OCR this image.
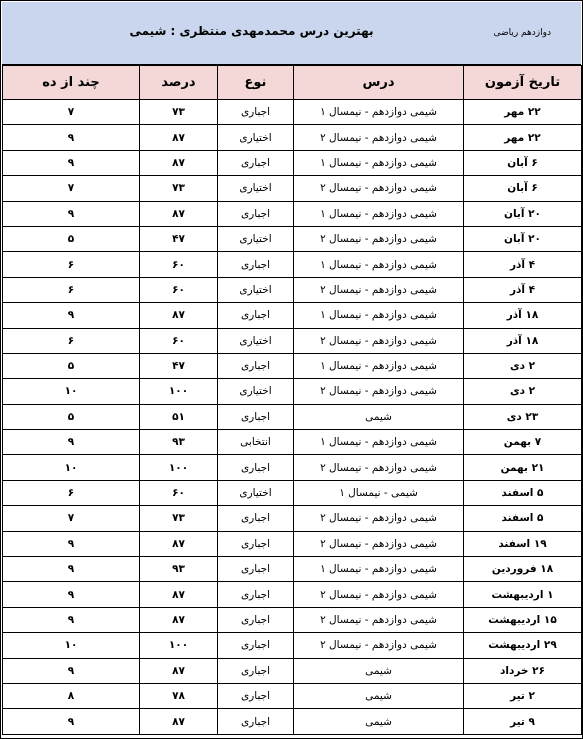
بهترین درس محمدمهدی منتظری : شیمی	دوازدهم ریاضی
تاریخ آزمون	درس	نوع	درصد	چند از ده
۲۲ مهر	شیمی دوازدهم - نیمسال ۱	اجباری	۷۳	۷
۲۲ مهر	شیمی دوازدهم - نیمسال ۲	اختیاری	۸۷	۹
۶ آبان	شیمی دوازدهم - نیمسال ۱	اجباری	۸۷	۹
۶ آبان	شیمی دوازدهم - نیمسال ۲	اختیاری	۷۳	۷
۲۰ آبان	شیمی دوازدهم - نیمسال ۱	اجباری	۸۷	۹
۲۰ آبان	شیمی دوازدهم - نیمسال ۲	اختیاری	۴۷	۵
۴ آذر	شیمی دوازدهم - نیمسال ۱	اجباری	۶۰	۶
۴ آذر	شیمی دوازدهم - نیمسال ۲	اختیاری	۶۰	۶
۱۸ آذر	شیمی دوازدهم - نیمسال ۱	اجباری	۸۷	۹
۱۸ آذر	شیمی دوازدهم - نیمسال ۲	اختیاری	۶۰	۶
۲ دی	شیمی دوازدهم - نیمسال ۱	اجباری	۴۷	۵
۲ دی	شیمی دوازدهم - نیمسال ۲	اختیاری	۱۰۰	۱۰
۲۳ دی	شیمی	اجباری	۵۱	۵
۷ بهمن	شیمی دوازدهم - نیمسال ۱	انتخابی	۹۳	۹
۲۱ بهمن	شیمی دوازدهم - نیمسال ۲	اجباری	۱۰۰	۱۰
۵ اسفند	شیمی - نیمسال ۱	اختیاری	۶۰	۶
۵ اسفند	شیمی دوازدهم - نیمسال ۲	اجباری	۷۳	۷
۱۹ اسفند	شیمی دوازدهم - نیمسال ۲	اجباری	۸۷	۹
۱۸ فروردین	شیمی دوازدهم - نیمسال ۱	اجباری	۹۳	۹
۱ اردیبهشت	شیمی دوازدهم - نیمسال ۲	اجباری	۸۷	۹
۱۵ اردیبهشت	شیمی دوازدهم - نیمسال ۲	اجباری	۸۷	۹
۲۹ اردیبهشت	شیمی دوازدهم - نیمسال ۲	اجباری	۱۰۰	۱۰
۲۶ خرداد	شیمی	اجباری	۸۷	۹
۲ تیر	شیمی	اجباری	۷۸	۸
۹ تیر	شیمی	اجباری	۸۷	۹
